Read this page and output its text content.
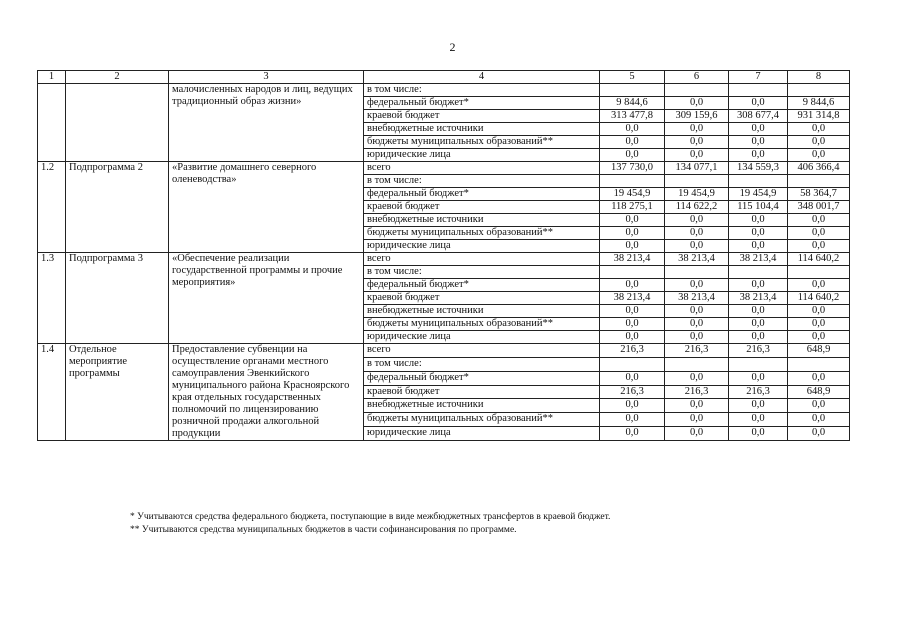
2
1	2	3	4	5	6	7	8
		малочисленных народов и лиц, ведущих традиционный образ жизни»	в том числе:				
			федеральный бюджет*	9 844,6	0,0	0,0	9 844,6
			краевой бюджет	313 477,8	309 159,6	308 677,4	931 314,8
			внебюджетные источники	0,0	0,0	0,0	0,0
			бюджеты муниципальных образований**	0,0	0,0	0,0	0,0
			юридические лица	0,0	0,0	0,0	0,0
1.2	Подпрограмма 2	«Развитие домашнего северного оленеводства»	всего	137 730,0	134 077,1	134 559,3	406 366,4
			в том числе:				
			федеральный бюджет*	19 454,9	19 454,9	19 454,9	58 364,7
			краевой бюджет	118 275,1	114 622,2	115 104,4	348 001,7
			внебюджетные источники	0,0	0,0	0,0	0,0
			бюджеты муниципальных образований**	0,0	0,0	0,0	0,0
			юридические лица	0,0	0,0	0,0	0,0
1.3	Подпрограмма 3	«Обеспечение реализации государственной программы и прочие мероприятия»	всего	38 213,4	38 213,4	38 213,4	114 640,2
			в том числе:				
			федеральный бюджет*	0,0	0,0	0,0	0,0
			краевой бюджет	38 213,4	38 213,4	38 213,4	114 640,2
			внебюджетные источники	0,0	0,0	0,0	0,0
			бюджеты муниципальных образований**	0,0	0,0	0,0	0,0
			юридические лица	0,0	0,0	0,0	0,0
1.4	Отдельное мероприятие программы	Предоставление субвенции на осуществление органами местного самоуправления Эвенкийского муниципального района Красноярского края отдельных государственных полномочий по лицензированию розничной продажи алкогольной продукции	всего	216,3	216,3	216,3	648,9
			в том числе:				
			федеральный бюджет*	0,0	0,0	0,0	0,0
			краевой бюджет	216,3	216,3	216,3	648,9
			внебюджетные источники	0,0	0,0	0,0	0,0
			бюджеты муниципальных образований**	0,0	0,0	0,0	0,0
			юридические лица	0,0	0,0	0,0	0,0
* Учитываются средства федерального бюджета, поступающие в виде межбюджетных трансфертов в краевой бюджет.
** Учитываются средства муниципальных бюджетов в части софинансирования по программе.
